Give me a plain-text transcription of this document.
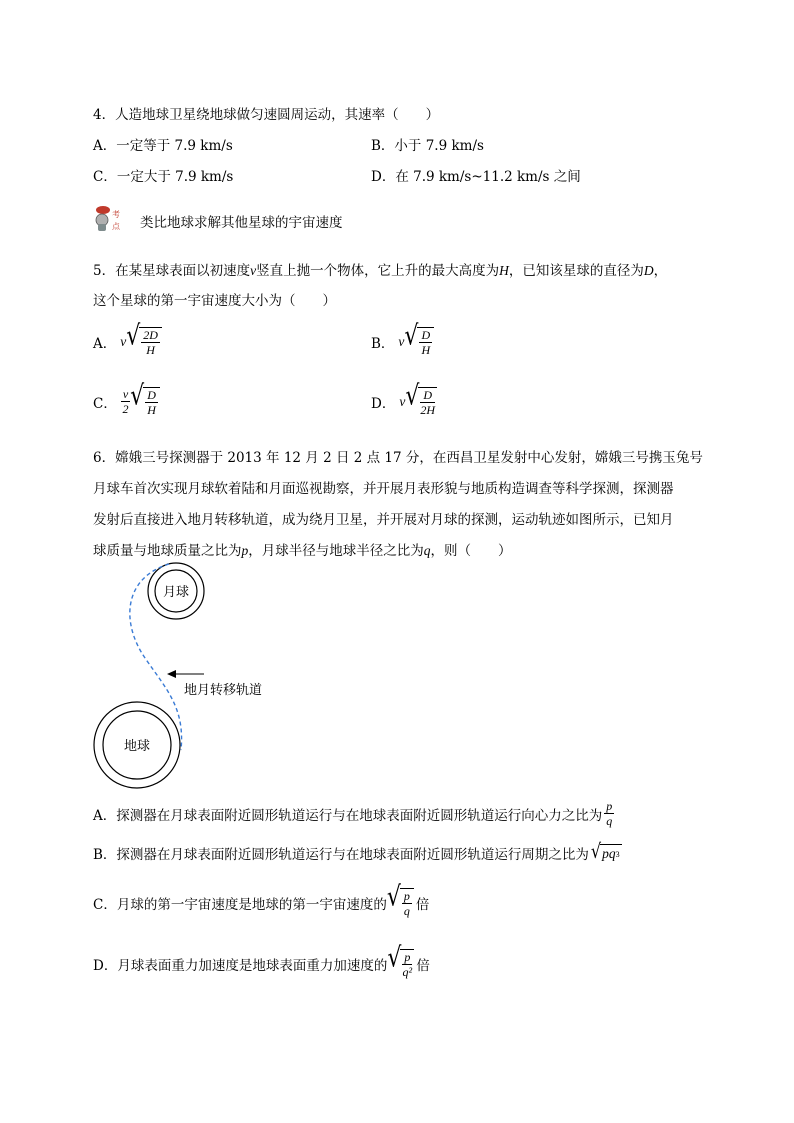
4．人造地球卫星绕地球做匀速圆周运动，其速率（　　）
A．一定等于 7.9 km/s	B．小于 7.9 km/s
C．一定大于 7.9 km/s	D．在 7.9 km/s~11.2 km/s 之间
考
点 类比地球求解其他星球的宇宙速度
5．在某星球表面以初速度v竖直上抛一个物体，它上升的最大高度为H，已知该星球的直径为D，
这个星球的第一宇宙速度大小为（　　）
A． v √ $\frac{2D}{H}$	B． v √ $\frac{D}{H}$
C． $\frac{v}{2}$ √ $\frac{D}{H}$	D． v √ $\frac{D}{2H}$
6．嫦娥三号探测器于 2013 年 12 月 2 日 2 点 17 分，在西昌卫星发射中心发射，嫦娥三号携玉兔号
月球车首次实现月球软着陆和月面巡视勘察，并开展月表形貌与地质构造调查等科学探测，探测器
发射后直接进入地月转移轨道，成为绕月卫星，并开展对月球的探测，运动轨迹如图所示，已知月
球质量与地球质量之比为p，月球半径与地球半径之比为q，则（　　）
月球
地球
地月转移轨道
A．探测器在月球表面附近圆形轨道运行与在地球表面附近圆形轨道运行向心力之比为 $\frac{p}{q}$
B．探测器在月球表面附近圆形轨道运行与在地球表面附近圆形轨道运行周期之比为 √ pq 3
C．月球的第一宇宙速度是地球的第一宇宙速度的 √ $\frac{p}{q}$ 倍
D．月球表面重力加速度是地球表面重力加速度的 √ $\frac{p}{\text{q²}}$ 倍
